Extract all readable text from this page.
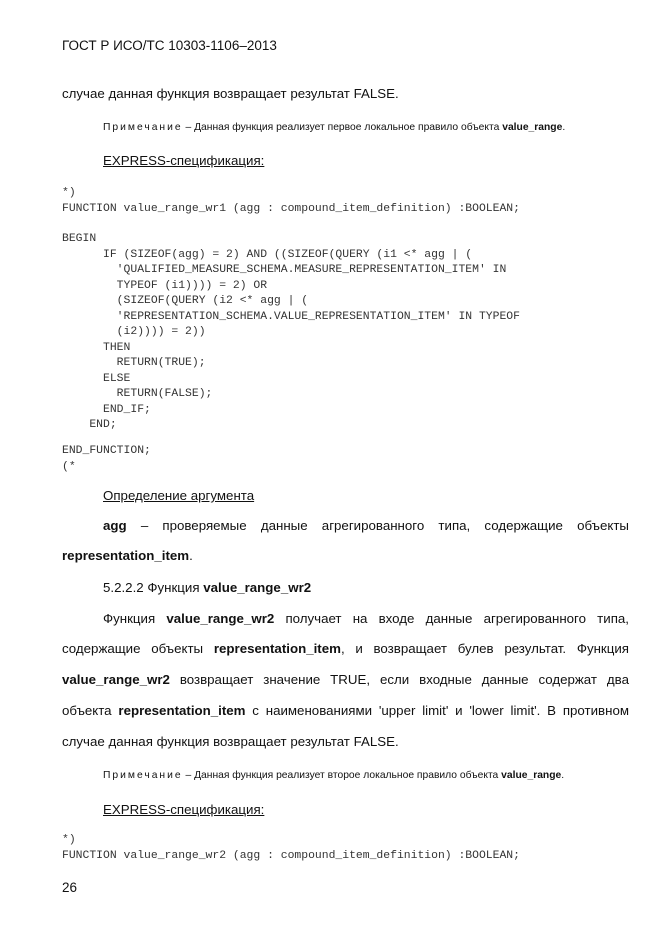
ГОСТ Р ИСО/ТС 10303-1106–2013

случае данная функция возвращает результат FALSE.

Примечание – Данная функция реализует первое локальное правило объекта value_range.

EXPRESS-спецификация:

*)
FUNCTION value_range_wr1 (agg : compound_item_definition) :BOOLEAN;
BEGIN
IF (SIZEOF(agg) = 2) AND ((SIZEOF(QUERY (i1 <* agg | (
'QUALIFIED_MEASURE_SCHEMA.MEASURE_REPRESENTATION_ITEM' IN
TYPEOF (i1)))) = 2) OR
(SIZEOF(QUERY (i2 <* agg | (
'REPRESENTATION_SCHEMA.VALUE_REPRESENTATION_ITEM' IN TYPEOF
(i2)))) = 2))
THEN
RETURN(TRUE);
ELSE
RETURN(FALSE);
END_IF;
END;
END_FUNCTION;
(*

Определение аргумента

agg – проверяемые данные агрегированного типа, содержащие объекты

representation_item.

5.2.2.2 Функция value_range_wr2

Функция value_range_wr2 получает на входе данные агрегированного типа,

содержащие объекты representation_item, и возвращает булев результат. Функция

value_range_wr2 возвращает значение TRUE, если входные данные содержат два

объекта representation_item с наименованиями 'upper limit' и 'lower limit'. В противном

случае данная функция возвращает результат FALSE.

Примечание – Данная функция реализует второе локальное правило объекта value_range.

EXPRESS-спецификация:

*)
FUNCTION value_range_wr2 (agg : compound_item_definition) :BOOLEAN;
26
